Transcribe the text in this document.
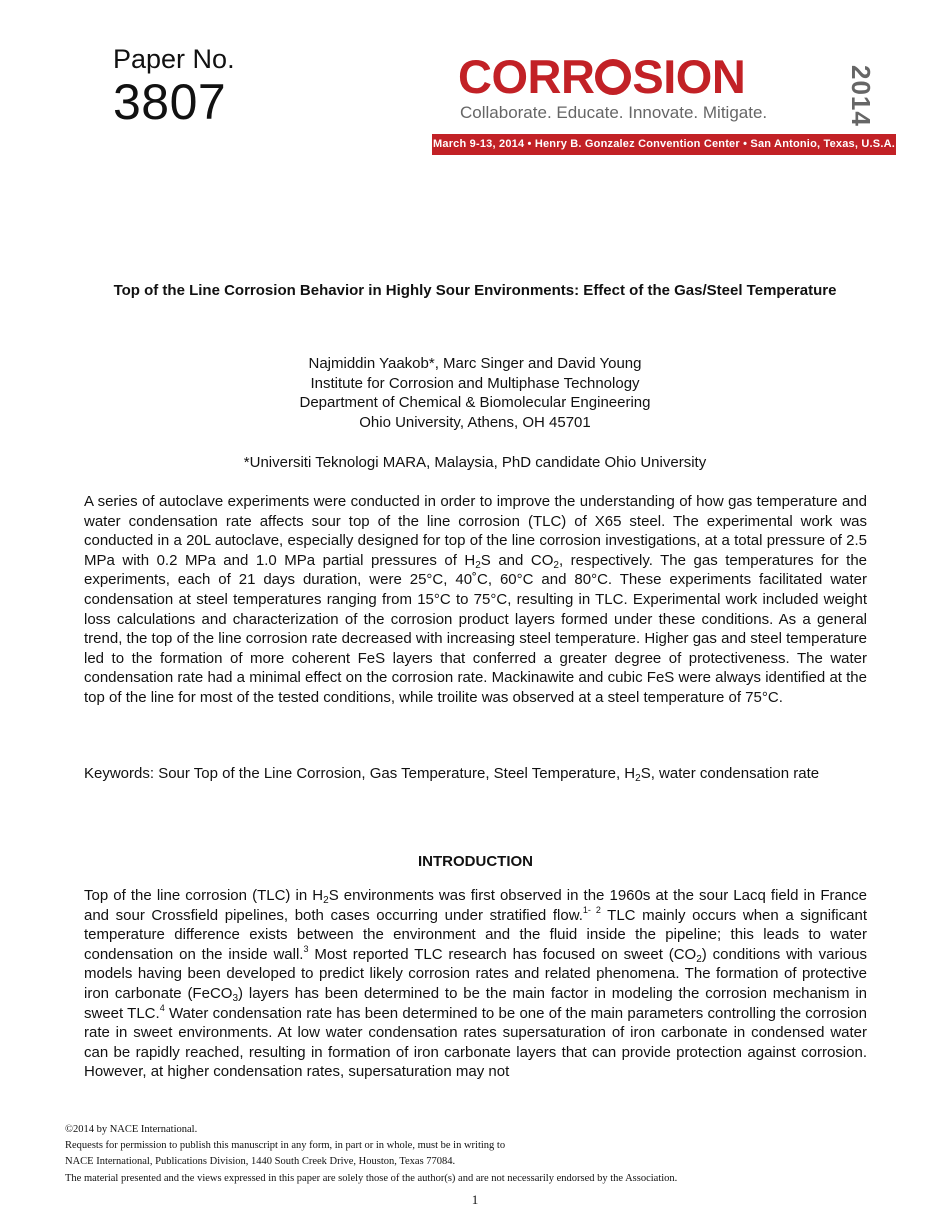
Paper No.
3807	CORR SION	2014
Collaborate. Educate. Innovate. Mitigate.
March 9-13, 2014 • Henry B. Gonzalez Convention Center • San Antonio, Texas, U.S.A.
Top of the Line Corrosion Behavior in Highly Sour Environments: Effect of the Gas/Steel Temperature
Najmiddin Yaakob*, Marc Singer and David Young
Institute for Corrosion and Multiphase Technology
Department of Chemical & Biomolecular Engineering
Ohio University, Athens, OH 45701
*Universiti Teknologi MARA, Malaysia, PhD candidate Ohio University
A series of autoclave experiments were conducted in order to improve the understanding of how gas temperature and water condensation rate affects sour top of the line corrosion (TLC) of X65 steel. The experimental work was conducted in a 20L autoclave, especially designed for top of the line corrosion investigations, at a total pressure of 2.5 MPa with 0.2 MPa and 1.0 MPa partial pressures of $H_2S$ and $CO_2$, respectively. The gas temperatures for the experiments, each of 21 days duration, were 25°C, 40˚C, 60°C and 80°C. These experiments facilitated water condensation at steel temperatures ranging from 15°C to 75°C, resulting in TLC. Experimental work included weight loss calculations and characterization of the corrosion product layers formed under these conditions. As a general trend, the top of the line corrosion rate decreased with increasing steel temperature. Higher gas and steel temperature led to the formation of more coherent FeS layers that conferred a greater degree of protectiveness. The water condensation rate had a minimal effect on the corrosion rate. Mackinawite and cubic FeS were always identified at the top of the line for most of the tested conditions, while troilite was observed at a steel temperature of 75°C.
Keywords: Sour Top of the Line Corrosion, Gas Temperature, Steel Temperature, $H_2S$, water condensation rate
INTRODUCTION
Top of the line corrosion (TLC) in $H_2S$ environments was first observed in the 1960s at the sour Lacq field in France and sour Crossfield pipelines, both cases occurring under stratified flow.$^{1- 2}$ TLC mainly occurs when a significant temperature difference exists between the environment and the fluid inside the pipeline; this leads to water condensation on the inside wall.$^3$ Most reported TLC research has focused on sweet $(CO_2)$ conditions with various models having been developed to predict likely corrosion rates and related phenomena. The formation of protective iron carbonate (FeCO$_3$) layers has been determined to be the main factor in modeling the corrosion mechanism in sweet TLC.$^4$ Water condensation rate has been determined to be one of the main parameters controlling the corrosion rate in sweet environments. At low water condensation rates supersaturation of iron carbonate in condensed water can be rapidly reached, resulting in formation of iron carbonate layers that can provide protection against corrosion. However, at higher condensation rates, supersaturation may not
©2014 by NACE International.
Requests for permission to publish this manuscript in any form, in part or in whole, must be in writing to
NACE International, Publications Division, 1440 South Creek Drive, Houston, Texas 77084.
The material presented and the views expressed in this paper are solely those of the author(s) and are not necessarily endorsed by the Association.
1
